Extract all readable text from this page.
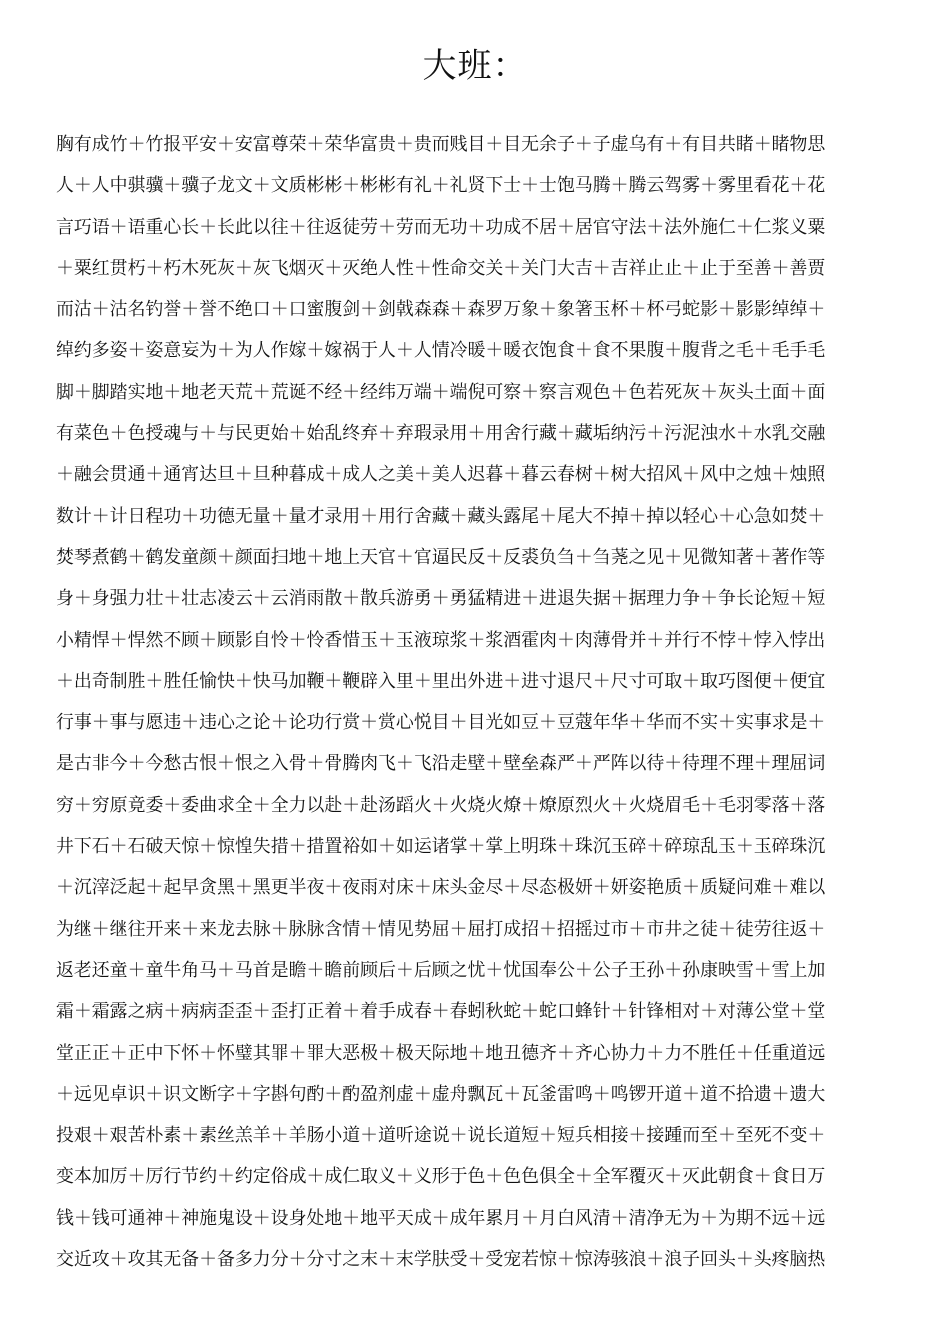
大班：
胸有成竹＋竹报平安＋安富尊荣＋荣华富贵＋贵而贱目＋目无余子＋子虚乌有＋有目共睹＋睹物思
人＋人中骐骥＋骥子龙文＋文质彬彬＋彬彬有礼＋礼贤下士＋士饱马腾＋腾云驾雾＋雾里看花＋花
言巧语＋语重心长＋长此以往＋往返徒劳＋劳而无功＋功成不居＋居官守法＋法外施仁＋仁浆义粟
＋粟红贯朽＋朽木死灰＋灰飞烟灭＋灭绝人性＋性命交关＋关门大吉＋吉祥止止＋止于至善＋善贾
而沽＋沽名钓誉＋誉不绝口＋口蜜腹剑＋剑戟森森＋森罗万象＋象箸玉杯＋杯弓蛇影＋影影绰绰＋
绰约多姿＋姿意妄为＋为人作嫁＋嫁祸于人＋人情冷暖＋暖衣饱食＋食不果腹＋腹背之毛＋毛手毛
脚＋脚踏实地＋地老天荒＋荒诞不经＋经纬万端＋端倪可察＋察言观色＋色若死灰＋灰头土面＋面
有菜色＋色授魂与＋与民更始＋始乱终弃＋弃瑕录用＋用舍行藏＋藏垢纳污＋污泥浊水＋水乳交融
＋融会贯通＋通宵达旦＋旦种暮成＋成人之美＋美人迟暮＋暮云春树＋树大招风＋风中之烛＋烛照
数计＋计日程功＋功德无量＋量才录用＋用行舍藏＋藏头露尾＋尾大不掉＋掉以轻心＋心急如焚＋
焚琴煮鹤＋鹤发童颜＋颜面扫地＋地上天官＋官逼民反＋反裘负刍＋刍荛之见＋见微知著＋著作等
身＋身强力壮＋壮志凌云＋云消雨散＋散兵游勇＋勇猛精进＋进退失据＋据理力争＋争长论短＋短
小精悍＋悍然不顾＋顾影自怜＋怜香惜玉＋玉液琼浆＋浆酒霍肉＋肉薄骨并＋并行不悖＋悖入悖出
＋出奇制胜＋胜任愉快＋快马加鞭＋鞭辟入里＋里出外进＋进寸退尺＋尺寸可取＋取巧图便＋便宜
行事＋事与愿违＋违心之论＋论功行赏＋赏心悦目＋目光如豆＋豆蔻年华＋华而不实＋实事求是＋
是古非今＋今愁古恨＋恨之入骨＋骨腾肉飞＋飞沿走壁＋壁垒森严＋严阵以待＋待理不理＋理屈词
穷＋穷原竟委＋委曲求全＋全力以赴＋赴汤蹈火＋火烧火燎＋燎原烈火＋火烧眉毛＋毛羽零落＋落
井下石＋石破天惊＋惊惶失措＋措置裕如＋如运诸掌＋掌上明珠＋珠沉玉碎＋碎琼乱玉＋玉碎珠沉
＋沉滓泛起＋起早贪黑＋黑更半夜＋夜雨对床＋床头金尽＋尽态极妍＋妍姿艳质＋质疑问难＋难以
为继＋继往开来＋来龙去脉＋脉脉含情＋情见势屈＋屈打成招＋招摇过市＋市井之徒＋徒劳往返＋
返老还童＋童牛角马＋马首是瞻＋瞻前顾后＋后顾之忧＋忧国奉公＋公子王孙＋孙康映雪＋雪上加
霜＋霜露之病＋病病歪歪＋歪打正着＋着手成春＋春蚓秋蛇＋蛇口蜂针＋针锋相对＋对薄公堂＋堂
堂正正＋正中下怀＋怀璧其罪＋罪大恶极＋极天际地＋地丑德齐＋齐心协力＋力不胜任＋任重道远
＋远见卓识＋识文断字＋字斟句酌＋酌盈剂虚＋虚舟飘瓦＋瓦釜雷鸣＋鸣锣开道＋道不拾遗＋遗大
投艰＋艰苦朴素＋素丝羔羊＋羊肠小道＋道听途说＋说长道短＋短兵相接＋接踵而至＋至死不变＋
变本加厉＋厉行节约＋约定俗成＋成仁取义＋义形于色＋色色俱全＋全军覆灭＋灭此朝食＋食日万
钱＋钱可通神＋神施鬼设＋设身处地＋地平天成＋成年累月＋月白风清＋清净无为＋为期不远＋远
交近攻＋攻其无备＋备多力分＋分寸之末＋末学肤受＋受宠若惊＋惊涛骇浪＋浪子回头＋头疼脑热
